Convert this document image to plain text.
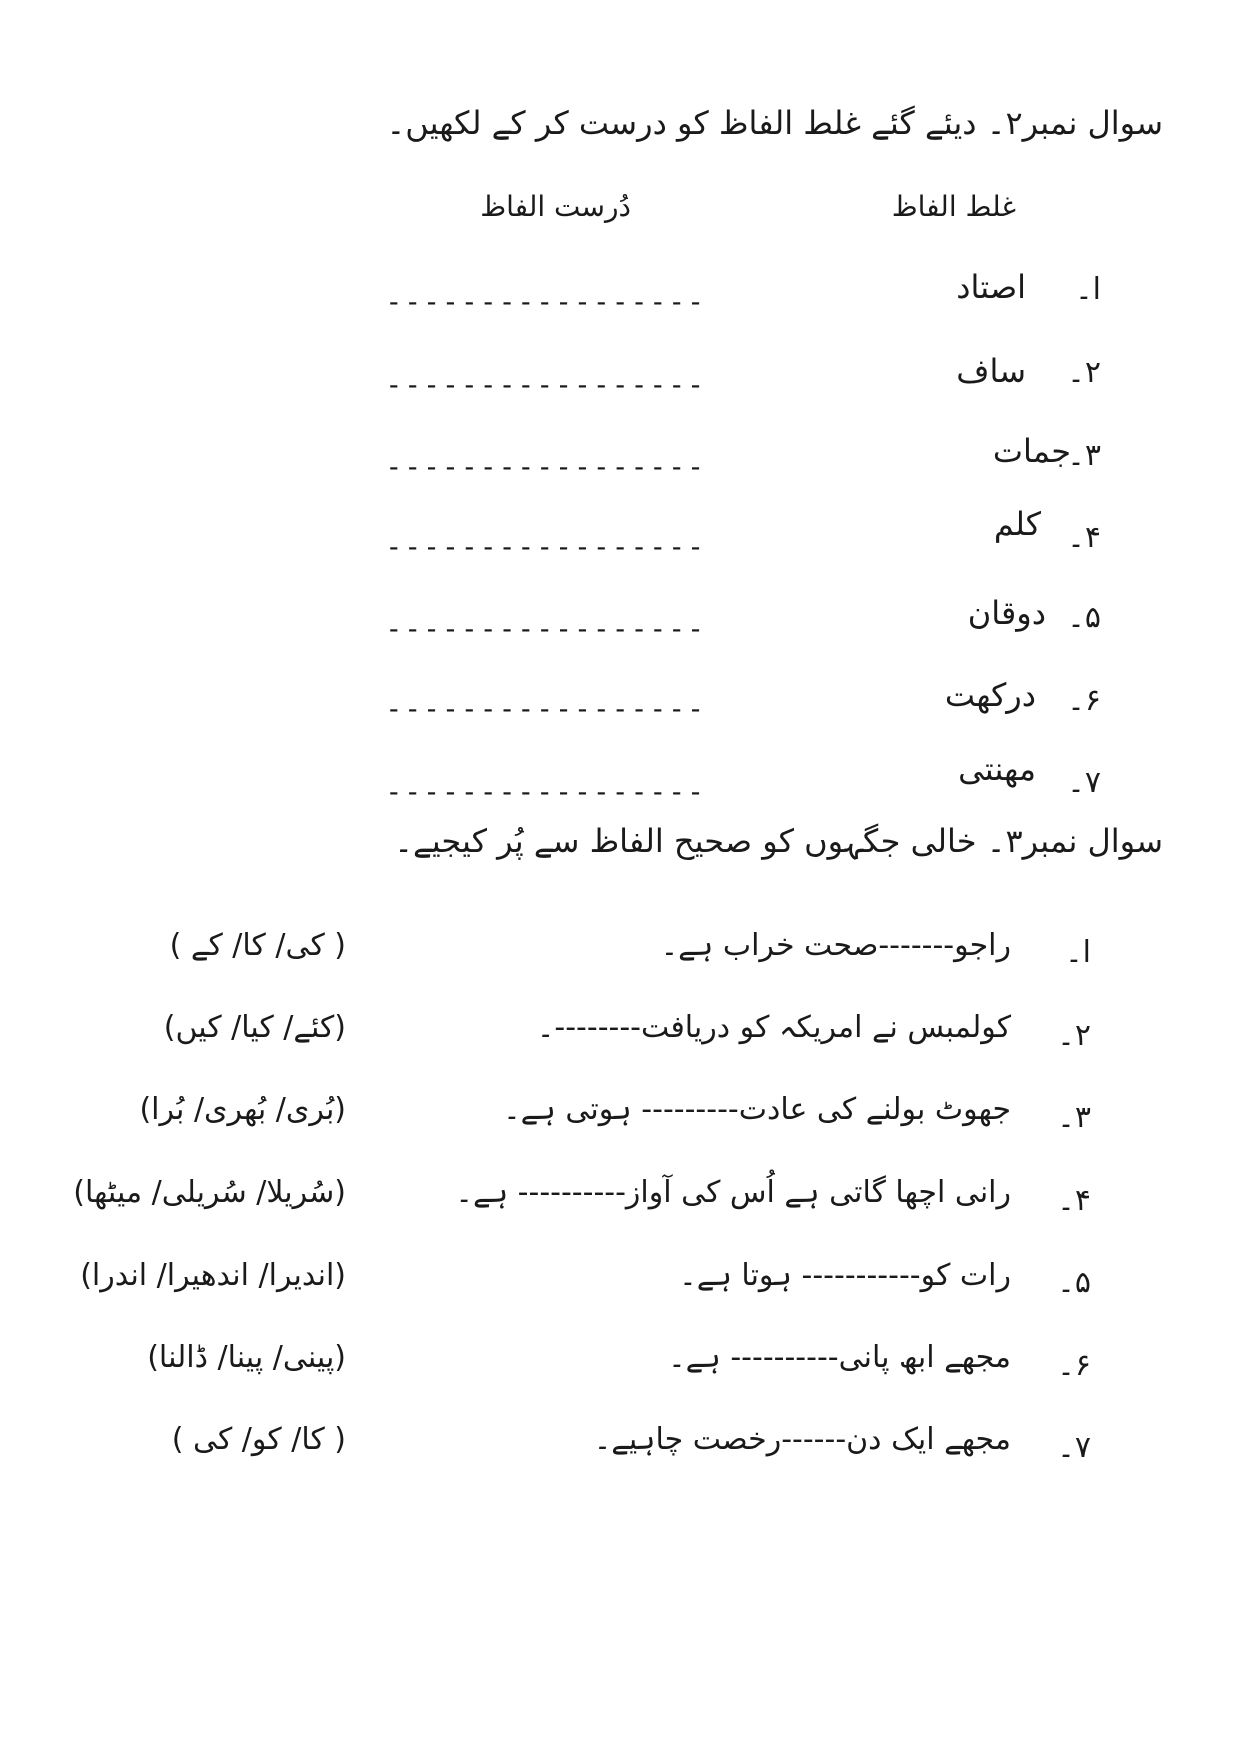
سوال نمبر۲۔ دیئے گئے غلط الفاظ کو درست کر کے لکھیں۔
غلط الفاظ
دُرست الفاظ
ا۔
اصتاد
-----------------
۲۔
ساف
-----------------
۳۔
جمات
-----------------
۴۔
کلم
-----------------
۵۔
دوقان
-----------------
۶۔
درکھت
-----------------
۷۔
مھنتی
-----------------
سوال نمبر۳۔ خالی جگہوں کو صحیح الفاظ سے پُر کیجیے۔
ا۔
راجو-------صحت خراب ہے۔
( کی/ کا/ کے )
۲۔
کولمبس نے امریکہ کو دریافت--------۔
(کئے/ کیا/ کیں)
۳۔
جھوٹ بولنے کی عادت--------- ہوتی ہے۔
(بُری/ بُھری/ بُرا)
۴۔
رانی اچھا گاتی ہے اُس کی آواز---------- ہے۔
(سُریلا/ سُریلی/ میٹھا)
۵۔
رات کو----------- ہوتا ہے۔
(اندیرا/ اندھیرا/ اندرا)
۶۔
مجھے ابھ پانی---------- ہے۔
(پینی/ پینا/ ڈالنا)
۷۔
مجھے ایک دن------رخصت چاہیے۔
( کا/ کو/ کی )
